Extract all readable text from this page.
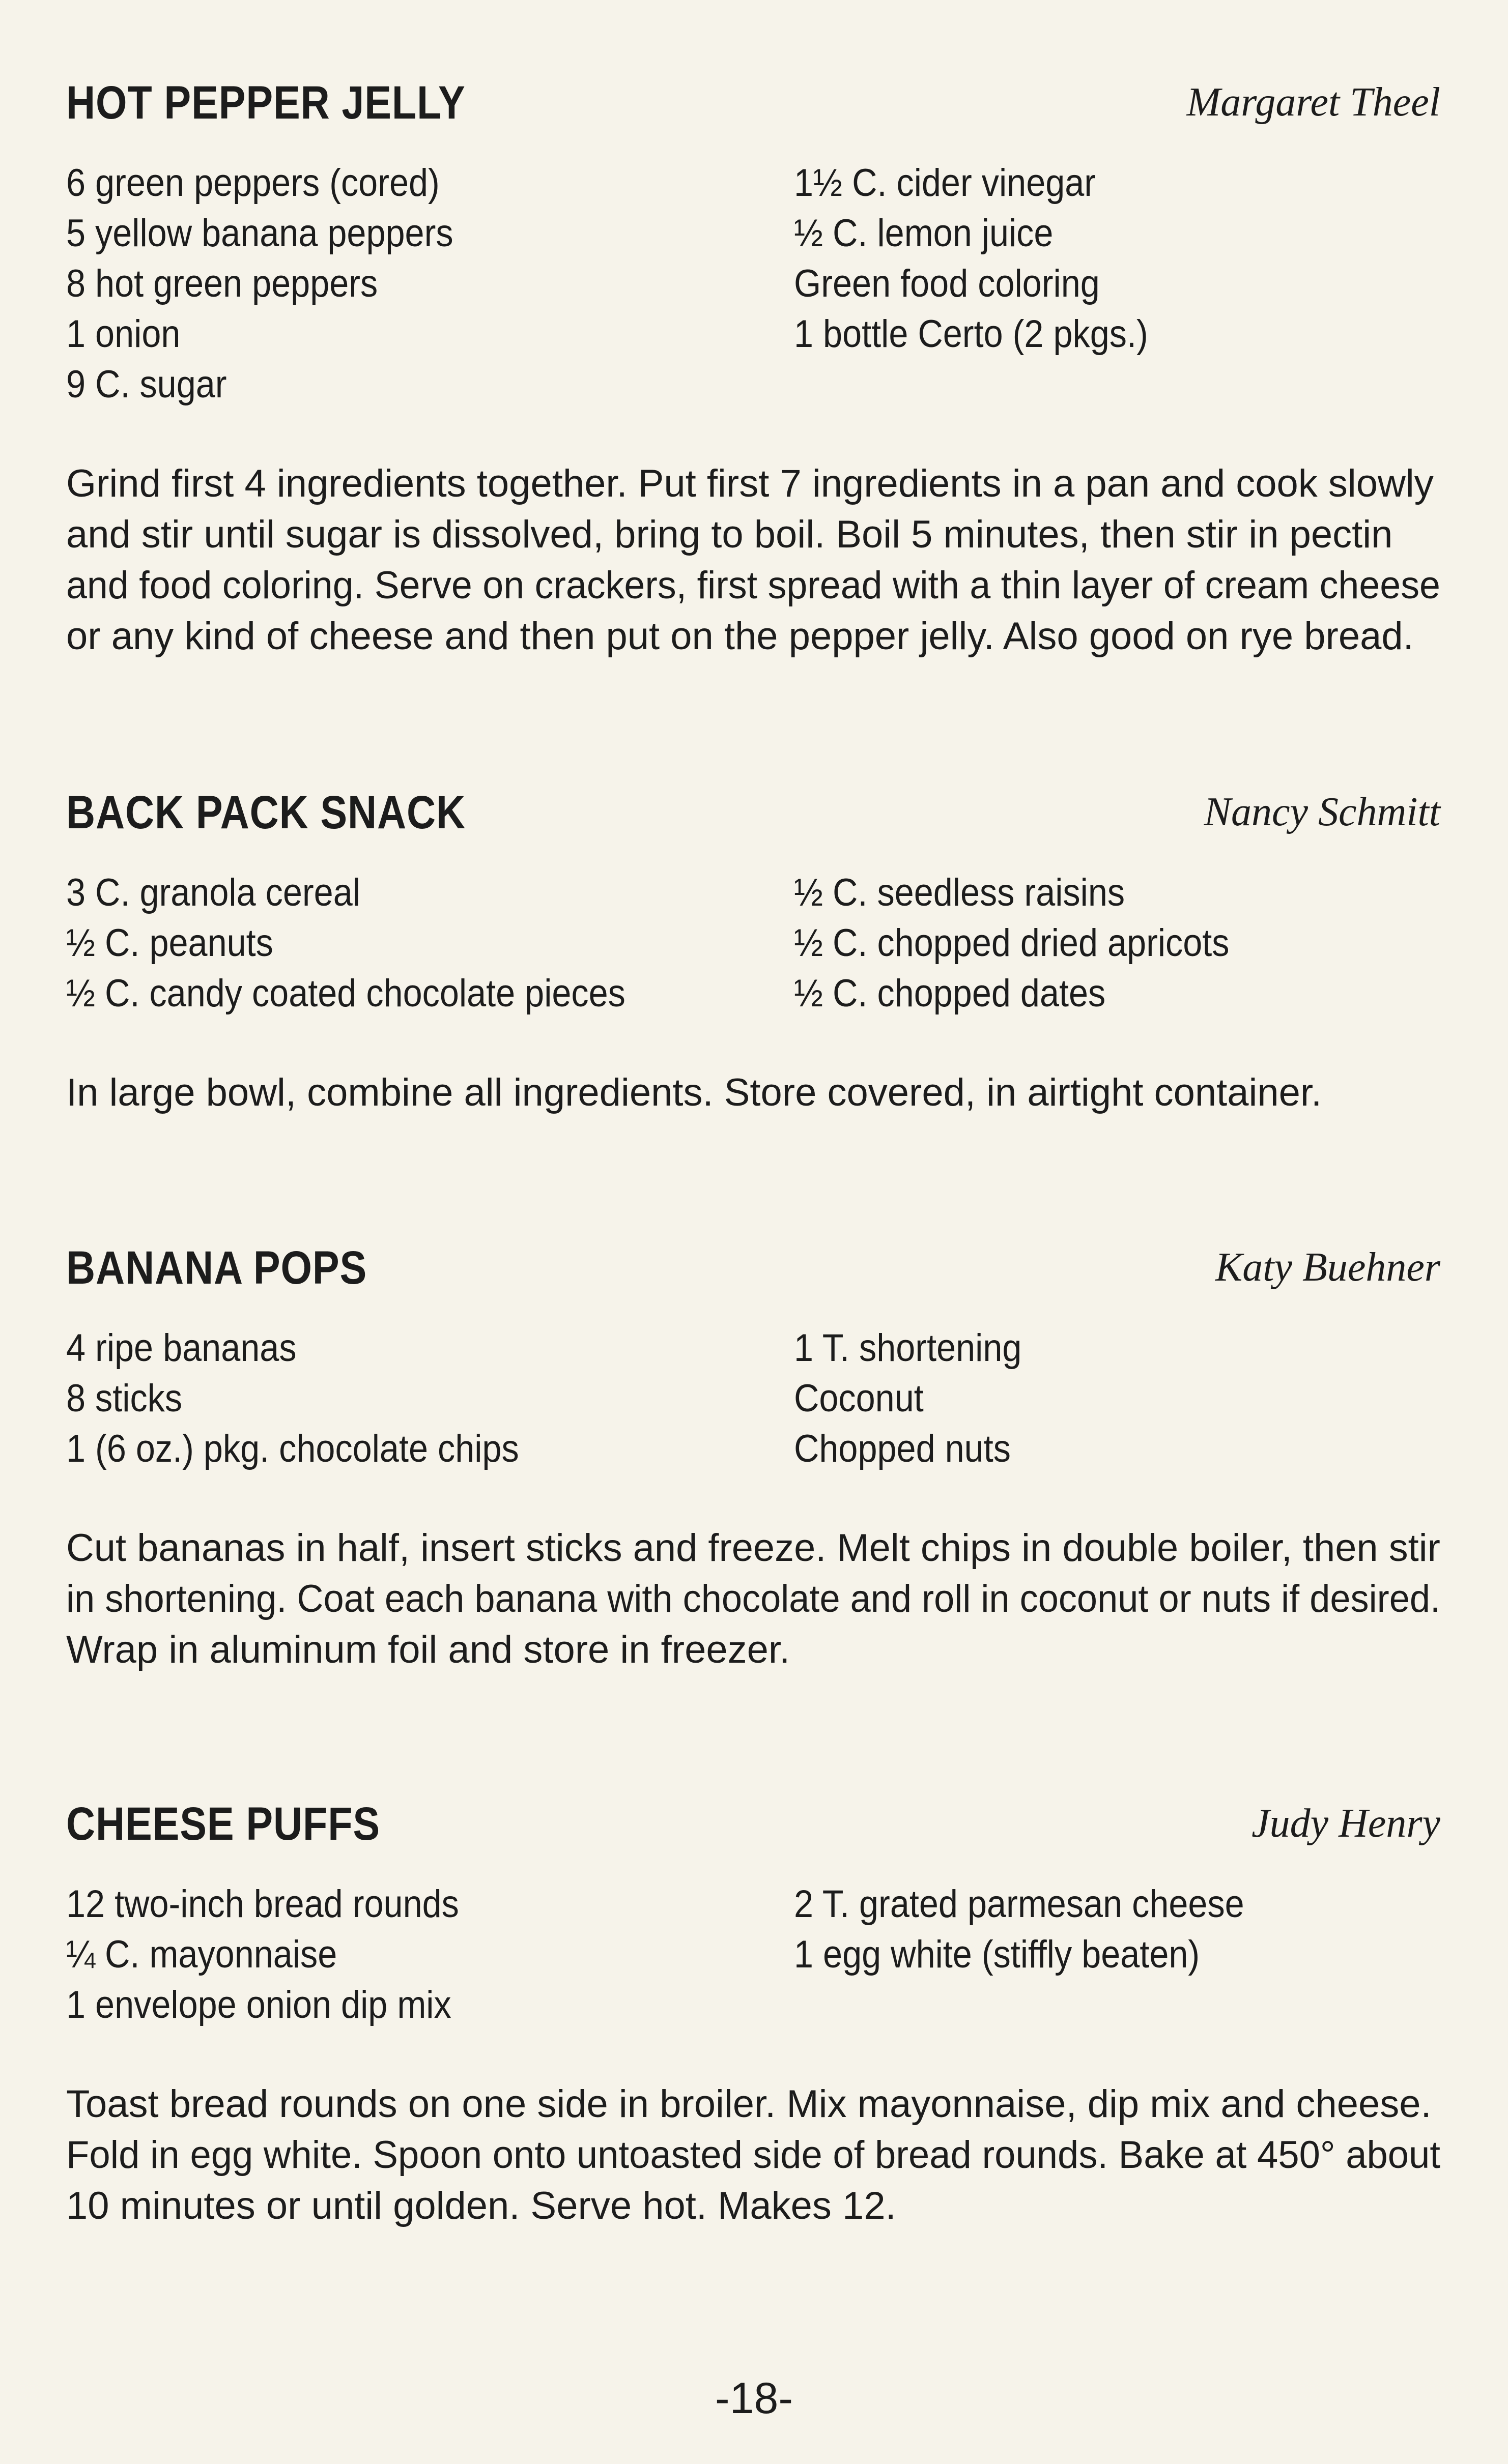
HOT PEPPER JELLY	Margaret Theel
6 green peppers (cored)
5 yellow banana peppers
8 hot green peppers
1 onion
9 C. sugar
1½ C. cider vinegar
½ C. lemon juice
Green food coloring
1 bottle Certo (2 pkgs.)
Grind first 4 ingredients together. Put first 7 ingredients in a pan and cook slowly
and stir until sugar is dissolved, bring to boil. Boil 5 minutes, then stir in pectin
and food coloring. Serve on crackers, first spread with a thin layer of cream cheese
or any kind of cheese and then put on the pepper jelly. Also good on rye bread.
BACK PACK SNACK	Nancy Schmitt
3 C. granola cereal
½ C. peanuts
½ C. candy coated chocolate pieces
½ C. seedless raisins
½ C. chopped dried apricots
½ C. chopped dates
In large bowl, combine all ingredients. Store covered, in airtight container.
BANANA POPS	Katy Buehner
4 ripe bananas
8 sticks
1 (6 oz.) pkg. chocolate chips
1 T. shortening
Coconut
Chopped nuts
Cut bananas in half, insert sticks and freeze. Melt chips in double boiler, then stir
in shortening. Coat each banana with chocolate and roll in coconut or nuts if desired.
Wrap in aluminum foil and store in freezer.
CHEESE PUFFS	Judy Henry
12 two-inch bread rounds
¼ C. mayonnaise
1 envelope onion dip mix
2 T. grated parmesan cheese
1 egg white (stiffly beaten)
Toast bread rounds on one side in broiler. Mix mayonnaise, dip mix and cheese.
Fold in egg white. Spoon onto untoasted side of bread rounds. Bake at 450° about
10 minutes or until golden. Serve hot. Makes 12.
-18-
